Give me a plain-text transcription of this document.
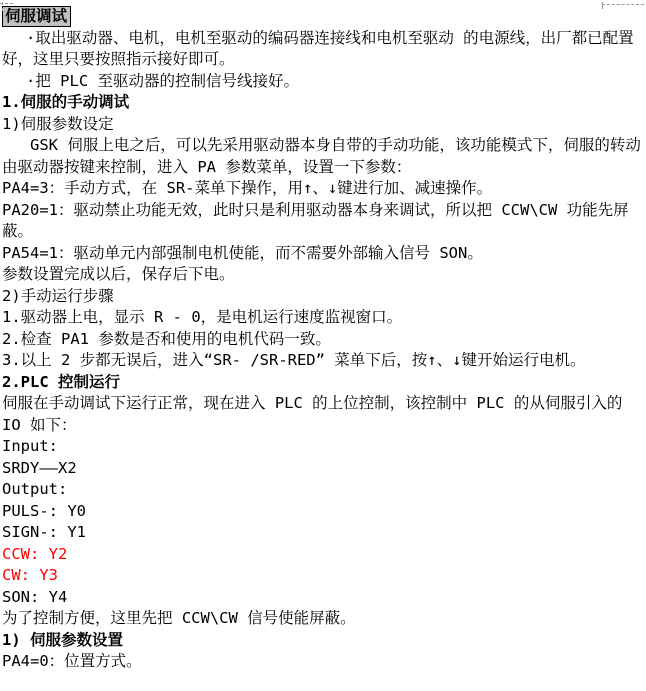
伺服调试

·取出驱动器、电机，电机至驱动的编码器连接线和电机至驱动 的电源线，出厂都已配置好，这里只要按照指示接好即可。

·把 PLC 至驱动器的控制信号线接好。

1.伺服的手动调试

1)伺服参数设定

GSK 伺服上电之后，可以先采用驱动器本身自带的手动功能，该功能模式下，伺服的转动由驱动器按键来控制，进入 PA 参数菜单，设置一下参数：

PA4=3：手动方式，在 SR-菜单下操作，用↑、↓键进行加、减速操作。

PA20=1：驱动禁止功能无效，此时只是利用驱动器本身来调试，所以把 CCW\CW 功能先屏蔽。

PA54=1：驱动单元内部强制电机使能，而不需要外部输入信号 SON。

参数设置完成以后，保存后下电。

2)手动运行步骤

1.驱动器上电，显示 R - 0，是电机运行速度监视窗口。

2.检查 PA1 参数是否和使用的电机代码一致。

3.以上 2 步都无误后，进入“SR- /SR-RED” 菜单下后，按↑、↓键开始运行电机。

2.PLC 控制运行

伺服在手动调试下运行正常，现在进入 PLC 的上位控制，该控制中 PLC 的从伺服引入的 IO 如下：

Input:

SRDY——X2

Output:

PULS-: Y0

SIGN-: Y1

CCW: Y2

CW: Y3

SON: Y4

为了控制方便，这里先把 CCW\CW 信号使能屏蔽。

1) 伺服参数设置

PA4=0：位置方式。
